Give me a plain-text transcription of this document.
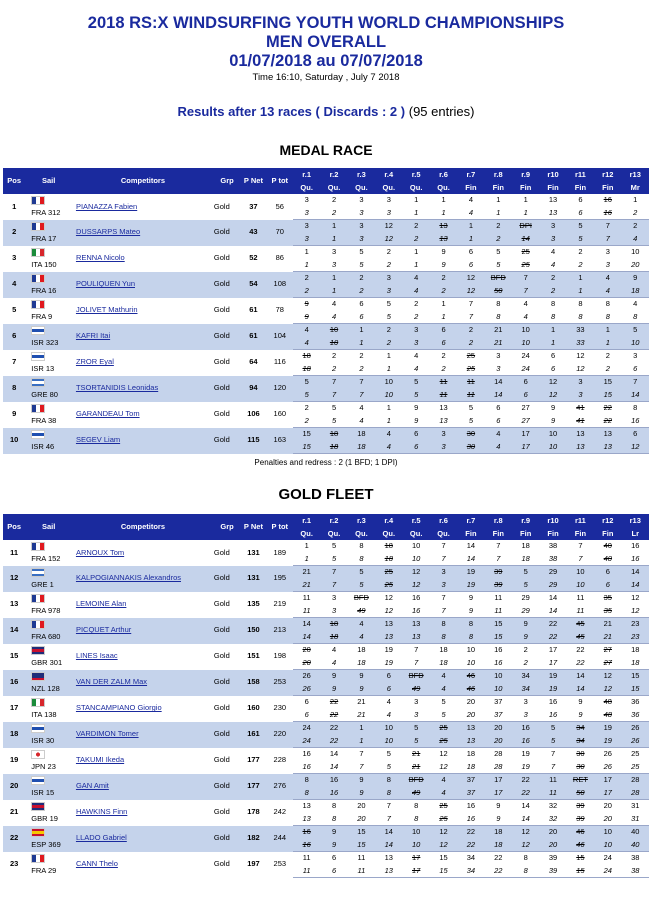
2018 RS:X WINDSURFING YOUTH WORLD CHAMPIONSHIPS
MEN OVERALL
01/07/2018 au 07/07/2018
Time 16:10, Saturday , July 7 2018
Results after 13 races ( Discards : 2 ) (95 entries)
MEDAL RACE
Pos	Sail	Competitors	Grp	P Net	P tot	r.1	r.2	r.3	r.4	r.5	r.6	r.7	r.8	r.9	r10	r11	r12	r13
						Qu.	Qu.	Qu.	Qu.	Qu.	Qu.	Fin	Fin	Fin	Fin	Fin	Fin	Mr
1	FRA 312	PIANAZZA Fabien	Gold	37	56	3	2	3	3	1	1	4	1	1	13	6	16	1
						3	2	3	3	1	1	4	1	1	13	6	16	2
2	FRA 17	DUSSARPS Mateo	Gold	43	70	3	1	3	12	2	13	1	2	DPI	3	5	7	2
						3	1	3	12	2	13	1	2	14	3	5	7	4
3	ITA 150	RENNA Nicolo	Gold	52	86	1	3	5	2	1	9	6	5	25	4	2	3	10
						1	3	5	2	1	9	6	5	25	4	2	3	20
4	FRA 16	POULIQUEN Yun	Gold	54	108	2	1	2	3	4	2	12	BFD	7	2	1	4	9
						2	1	2	3	4	2	12	50	7	2	1	4	18
5	FRA 9	JOLIVET Mathurin	Gold	61	78	9	4	6	5	2	1	7	8	4	8	8	8	4
						9	4	6	5	2	1	7	8	4	8	8	8	8
6	ISR 323	KAFRI Itai	Gold	61	104	4	10	1	2	3	6	2	21	10	1	33	1	5
						4	10	1	2	3	6	2	21	10	1	33	1	10
7	ISR 13	ZROR Eyal	Gold	64	116	18	2	2	1	4	2	25	3	24	6	12	2	3
						18	2	2	1	4	2	25	3	24	6	12	2	6
8	GRE 80	TSORTANIDIS Leonidas	Gold	94	120	5	7	7	10	5	11	11	14	6	12	3	15	7
						5	7	7	10	5	11	11	14	6	12	3	15	14
9	FRA 38	GARANDEAU Tom	Gold	106	160	2	5	4	1	9	13	5	6	27	9	41	22	8
						2	5	4	1	9	13	5	6	27	9	41	22	16
10	ISR 46	SEGEV Liam	Gold	115	163	15	18	18	4	6	3	30	4	17	10	13	13	6
						15	18	18	4	6	3	30	4	17	10	13	13	12
Penalties and redress : 2 (1 BFD; 1 DPI)
GOLD FLEET
Pos	Sail	Competitors	Grp	P Net	P tot	r.1	r.2	r.3	r.4	r.5	r.6	r.7	r.8	r.9	r10	r11	r12	r13
						Qu.	Qu.	Qu.	Qu.	Qu.	Qu.	Fin	Fin	Fin	Fin	Fin	Fin	Lr
11	FRA 152	ARNOUX Tom	Gold	131	189	1	5	8	18	10	7	14	7	18	38	7	40	16
						1	5	8	18	10	7	14	7	18	38	7	40	16
12	GRE 1	KALPOGIANNAKIS Alexandros	Gold	131	195	21	7	5	25	12	3	19	39	5	29	10	6	14
						21	7	5	25	12	3	19	39	5	29	10	6	14
13	FRA 978	LEMOINE Alan	Gold	135	219	11	3	BFD	12	16	7	9	11	29	14	11	35	12
						11	3	49	12	16	7	9	11	29	14	11	35	12
14	FRA 680	PICQUET Arthur	Gold	150	213	14	18	4	13	13	8	8	15	9	22	45	21	23
						14	18	4	13	13	8	8	15	9	22	45	21	23
15	GBR 301	LINES Isaac	Gold	151	198	20	4	18	19	7	18	10	16	2	17	22	27	18
						20	4	18	19	7	18	10	16	2	17	22	27	18
16	NZL 128	VAN DER ZALM Max	Gold	158	253	26	9	9	6	BFD	4	46	10	34	19	14	12	15
						26	9	9	6	49	4	46	10	34	19	14	12	15
17	ITA 138	STANCAMPIANO Giorgio	Gold	160	230	6	22	21	4	3	5	20	37	3	16	9	48	36
						6	22	21	4	3	5	20	37	3	16	9	48	36
18	ISR 30	VARDIMON Tomer	Gold	161	220	24	22	1	10	5	25	13	20	16	5	34	19	26
						24	22	1	10	5	25	13	20	16	5	34	19	26
19	JPN 23	TAKUMI Ikeda	Gold	177	228	16	14	7	5	21	12	18	28	19	7	30	26	25
						16	14	7	5	21	12	18	28	19	7	30	26	25
20	ISR 15	GAN Amit	Gold	177	276	8	16	9	8	BFD	4	37	17	22	11	RET	17	28
						8	16	9	8	49	4	37	17	22	11	50	17	28
21	GBR 19	HAWKINS Finn	Gold	178	242	13	8	20	7	8	25	16	9	14	32	39	20	31
						13	8	20	7	8	25	16	9	14	32	39	20	31
22	ESP 369	LLADO Gabriel	Gold	182	244	16	9	15	14	10	12	22	18	12	20	46	10	40
						16	9	15	14	10	12	22	18	12	20	46	10	40
23	FRA 29	CANN Thelo	Gold	197	253	11	6	11	13	17	15	34	22	8	39	15	24	38
						11	6	11	13	17	15	34	22	8	39	15	24	38
